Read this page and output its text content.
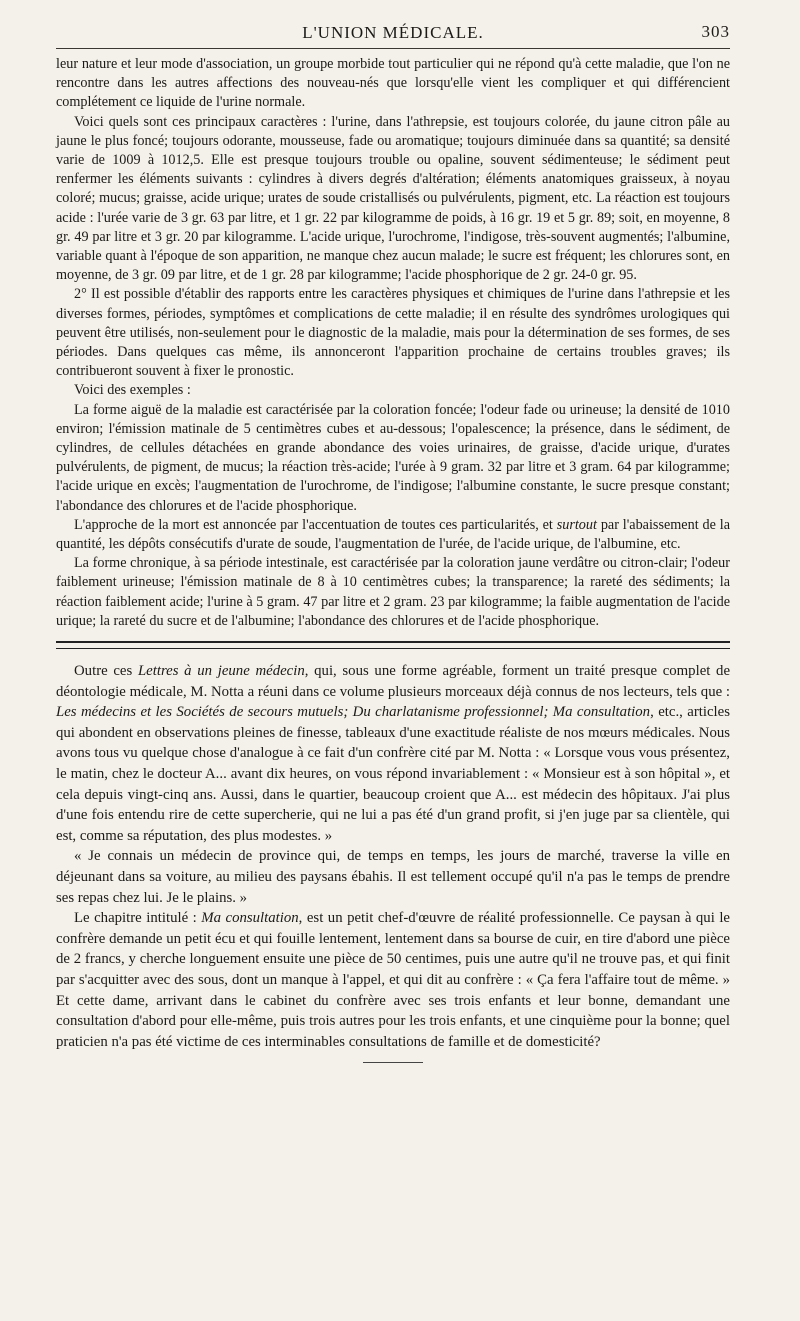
L'UNION MÉDICALE.	303

leur nature et leur mode d'association, un groupe morbide tout particulier qui ne répond qu'à cette maladie, que l'on ne rencontre dans les autres affections des nouveau-nés que lorsqu'elle vient les compliquer et qui différencient complétement ce liquide de l'urine normale.

Voici quels sont ces principaux caractères : l'urine, dans l'athrepsie, est toujours colorée, du jaune citron pâle au jaune le plus foncé; toujours odorante, mousseuse, fade ou aromatique; toujours diminuée dans sa quantité; sa densité varie de 1009 à 1012,5. Elle est presque toujours trouble ou opaline, souvent sédimenteuse; le sédiment peut renfermer les éléments suivants : cylindres à divers degrés d'altération; éléments anatomiques graisseux, à noyau coloré; mucus; graisse, acide urique; urates de soude cristallisés ou pulvérulents, pigment, etc. La réaction est toujours acide : l'urée varie de 3 gr. 63 par litre, et 1 gr. 22 par kilogramme de poids, à 16 gr. 19 et 5 gr. 89; soit, en moyenne, 8 gr. 49 par litre et 3 gr. 20 par kilogramme. L'acide urique, l'urochrome, l'indigose, très-souvent augmentés; l'albumine, variable quant à l'époque de son apparition, ne manque chez aucun malade; le sucre est fréquent; les chlorures sont, en moyenne, de 3 gr. 09 par litre, et de 1 gr. 28 par kilogramme; l'acide phosphorique de 2 gr. 24-0 gr. 95.

2° Il est possible d'établir des rapports entre les caractères physiques et chimiques de l'urine dans l'athrepsie et les diverses formes, périodes, symptômes et complications de cette maladie; il en résulte des syndrômes urologiques qui peuvent être utilisés, non-seulement pour le diagnostic de la maladie, mais pour la détermination de ses formes, de ses périodes. Dans quelques cas même, ils annonceront l'apparition prochaine de certains troubles graves; ils contribueront souvent à fixer le pronostic.

Voici des exemples :

La forme aiguë de la maladie est caractérisée par la coloration foncée; l'odeur fade ou urineuse; la densité de 1010 environ; l'émission matinale de 5 centimètres cubes et au-dessous; l'opalescence; la présence, dans le sédiment, de cylindres, de cellules détachées en grande abondance des voies urinaires, de graisse, d'acide urique, d'urates pulvérulents, de pigment, de mucus; la réaction très-acide; l'urée à 9 gram. 32 par litre et 3 gram. 64 par kilogramme; l'acide urique en excès; l'augmentation de l'urochrome, de l'indigose; l'albumine constante, le sucre presque constant; l'abondance des chlorures et de l'acide phosphorique.

L'approche de la mort est annoncée par l'accentuation de toutes ces particularités, et surtout par l'abaissement de la quantité, les dépôts consécutifs d'urate de soude, l'augmentation de l'urée, de l'acide urique, de l'albumine, etc.

La forme chronique, à sa période intestinale, est caractérisée par la coloration jaune verdâtre ou citron-clair; l'odeur faiblement urineuse; l'émission matinale de 8 à 10 centimètres cubes; la transparence; la rareté des sédiments; la réaction faiblement acide; l'urine à 5 gram. 47 par litre et 2 gram. 23 par kilogramme; la faible augmentation de l'acide urique; la rareté du sucre et de l'albumine; l'abondance des chlorures et de l'acide phosphorique.

Outre ces Lettres à un jeune médecin, qui, sous une forme agréable, forment un traité presque complet de déontologie médicale, M. Notta a réuni dans ce volume plusieurs morceaux déjà connus de nos lecteurs, tels que : Les médecins et les Sociétés de secours mutuels; Du charlatanisme professionnel; Ma consultation, etc., articles qui abondent en observations pleines de finesse, tableaux d'une exactitude réaliste de nos mœurs médicales. Nous avons tous vu quelque chose d'analogue à ce fait d'un confrère cité par M. Notta : « Lorsque vous vous présentez, le matin, chez le docteur A... avant dix heures, on vous répond invariablement : « Monsieur est à son hôpital », et cela depuis vingt-cinq ans. Aussi, dans le quartier, beaucoup croient que A... est médecin des hôpitaux. J'ai plus d'une fois entendu rire de cette supercherie, qui ne lui a pas été d'un grand profit, si j'en juge par sa clientèle, qui est, comme sa réputation, des plus modestes. »

« Je connais un médecin de province qui, de temps en temps, les jours de marché, traverse la ville en déjeunant dans sa voiture, au milieu des paysans ébahis. Il est tellement occupé qu'il n'a pas le temps de prendre ses repas chez lui. Je le plains. »

Le chapitre intitulé : Ma consultation, est un petit chef-d'œuvre de réalité professionnelle. Ce paysan à qui le confrère demande un petit écu et qui fouille lentement, lentement dans sa bourse de cuir, en tire d'abord une pièce de 2 francs, y cherche longuement ensuite une pièce de 50 centimes, puis une autre qu'il ne trouve pas, et qui finit par s'acquitter avec des sous, dont un manque à l'appel, et qui dit au confrère : « Ça fera l'affaire tout de même. » Et cette dame, arrivant dans le cabinet du confrère avec ses trois enfants et leur bonne, demandant une consultation d'abord pour elle-même, puis trois autres pour les trois enfants, et une cinquième pour la bonne; quel praticien n'a pas été victime de ces interminables consultations de famille et de domesticité?
